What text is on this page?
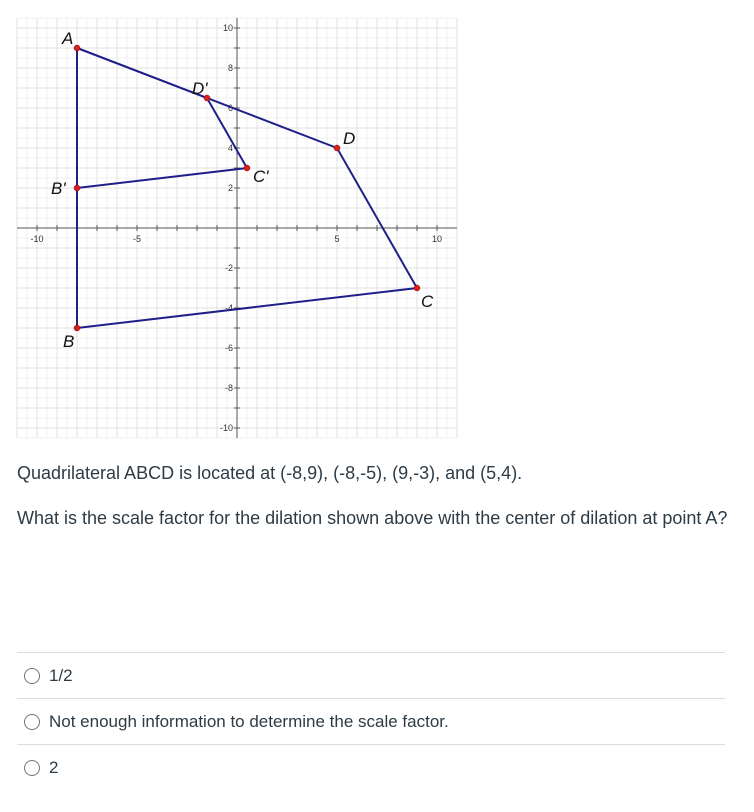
-10	-5	5	10
10
8
6
4
2
-2
-4
-6
-8
-10
A
B
C
D
B'
C'
D'

Quadrilateral ABCD is located at (-8,9), (-8,-5), (9,-3), and (5,4).

What is the scale factor for the dilation shown above with the center of dilation at point A?

1/2
Not enough information to determine the scale factor.
2
